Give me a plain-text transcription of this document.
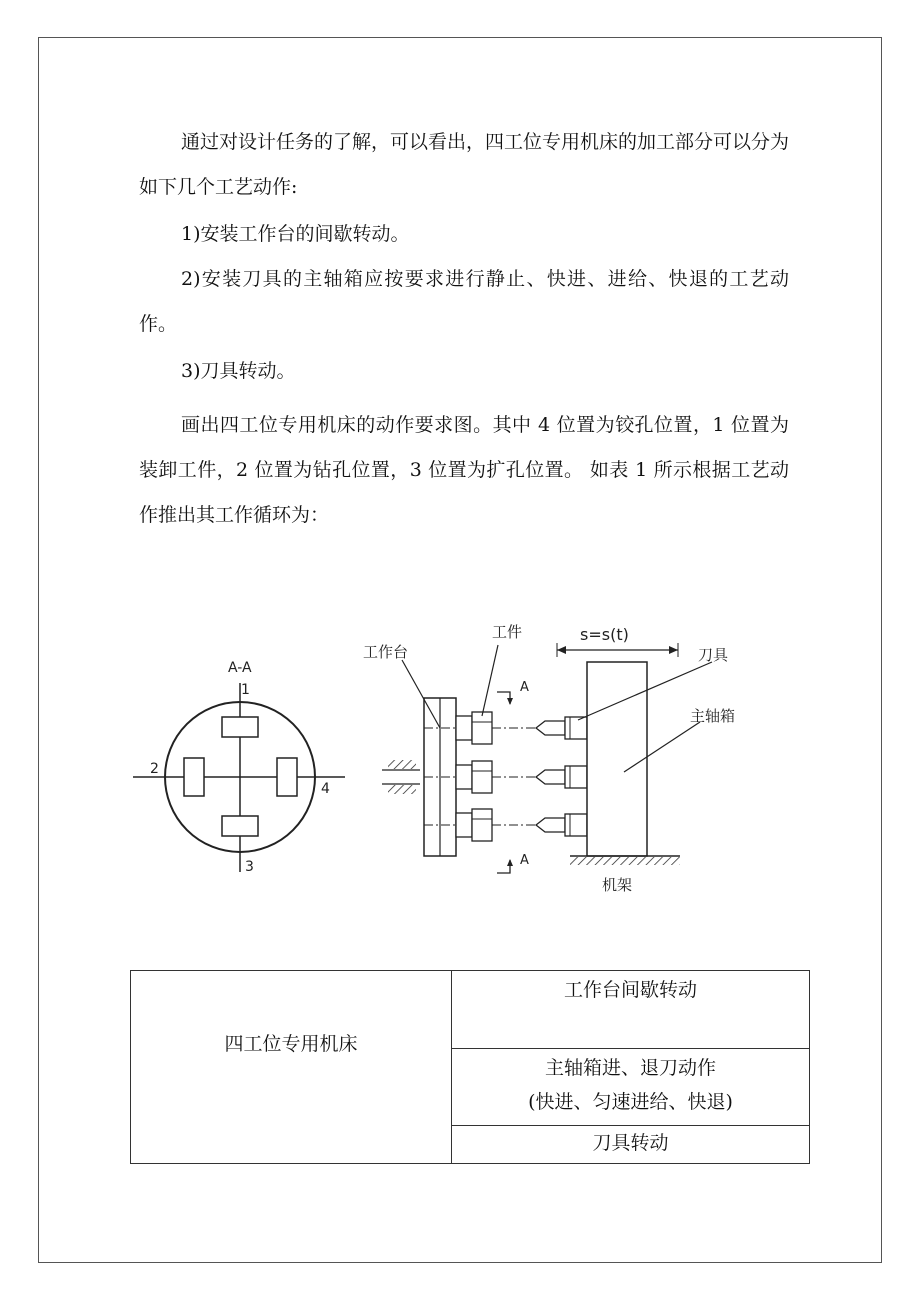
通过对设计任务的了解，可以看出，四工位专用机床的加工部分可以分为如下几个工艺动作:

1)安装工作台的间歇转动。

2)安装刀具的主轴箱应按要求进行静止、快进、进给、快退的工艺动作。

3)刀具转动。

画出四工位专用机床的动作要求图。其中 4 位置为铰孔位置，1 位置为装卸工件，2 位置为钻孔位置，3 位置为扩孔位置。 如表 1 所示根据工艺动作推出其工作循环为：

A-A
1
2
3
4
s=s(t)
A
A
工作台
工件
刀具
主轴箱
机架
四工位专用机床
工作台间歇转动
主轴箱进、退刀动作
(快进、匀速进给、快退)
刀具转动
